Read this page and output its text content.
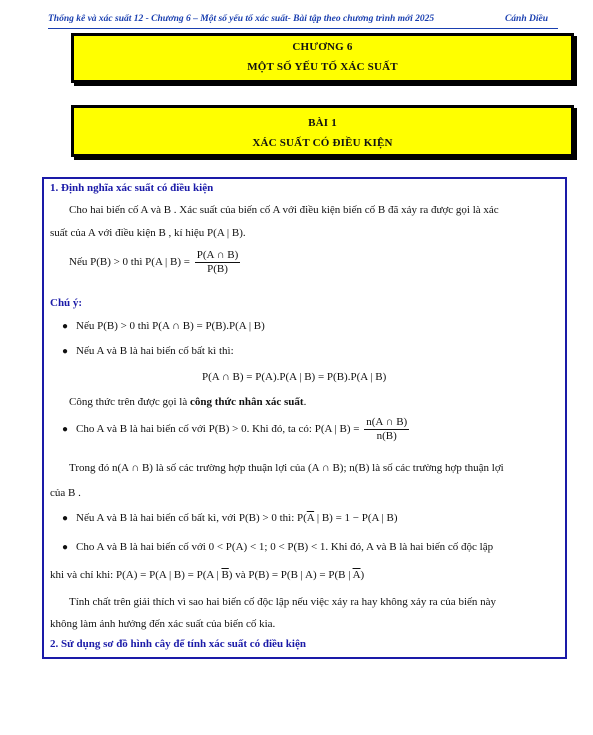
Thống kê và xác suất 12 - Chương 6 – Một số yếu tố xác suất- Bài tập theo chương trình mới 2025	Cánh Diều
CHƯƠNG 6
MỘT SỐ YẾU TỐ XÁC SUẤT
BÀI 1
XÁC SUẤT CÓ ĐIỀU KIỆN
1. Định nghĩa xác suất có điều kiện
Cho hai biến cố A và B . Xác suất của biến cố A với điều kiện biến cố B đã xảy ra được gọi là xác
suất của A với điều kiện B , kí hiệu P(A | B).
Nếu P(B) > 0 thì P(A | $B) = \frac{P(A \cap B)}{P(B)}$
Chú ý:
● Nếu P(B) > 0 thì P(A ∩ B) = P(B).P(A | B)
● Nếu A và B là hai biến cố bất kì thì:
P(A ∩ B) = P(A).P(A | B) = P(B).P(A | B)
Công thức trên được gọi là công thức nhân xác suất.
● Cho A và B là hai biến cố với P(B) > 0. Khi đó, ta có: P(A | $B) = \frac{n(A \cap B)}{n(B)}$
Trong đó n(A ∩ B) là số các trường hợp thuận lợi của (A ∩ B); n(B) là số các trường hợp thuận lợi
của B .
● Nếu A và B là hai biến cố bất kì, với P(B) > 0 thì: $P(\overline{A}$ | B) = 1 − P(A | B)
● Cho A và B là hai biến cố với 0 < P(A) < 1; 0 < P(B) < 1. Khi đó, A và B là hai biến cố độc lập
khi và chỉ khi: P(A) = P(A | B) = P(A | $\overline{B}$) và P(B) = P(B | A) = P(B | $\overline{A}$)
Tính chất trên giải thích vì sao hai biến cố độc lập nếu việc xảy ra hay không xảy ra của biến này
không làm ảnh hưởng đến xác suất của biến cố kia.
2. Sử dụng sơ đồ hình cây để tính xác suất có điều kiện
